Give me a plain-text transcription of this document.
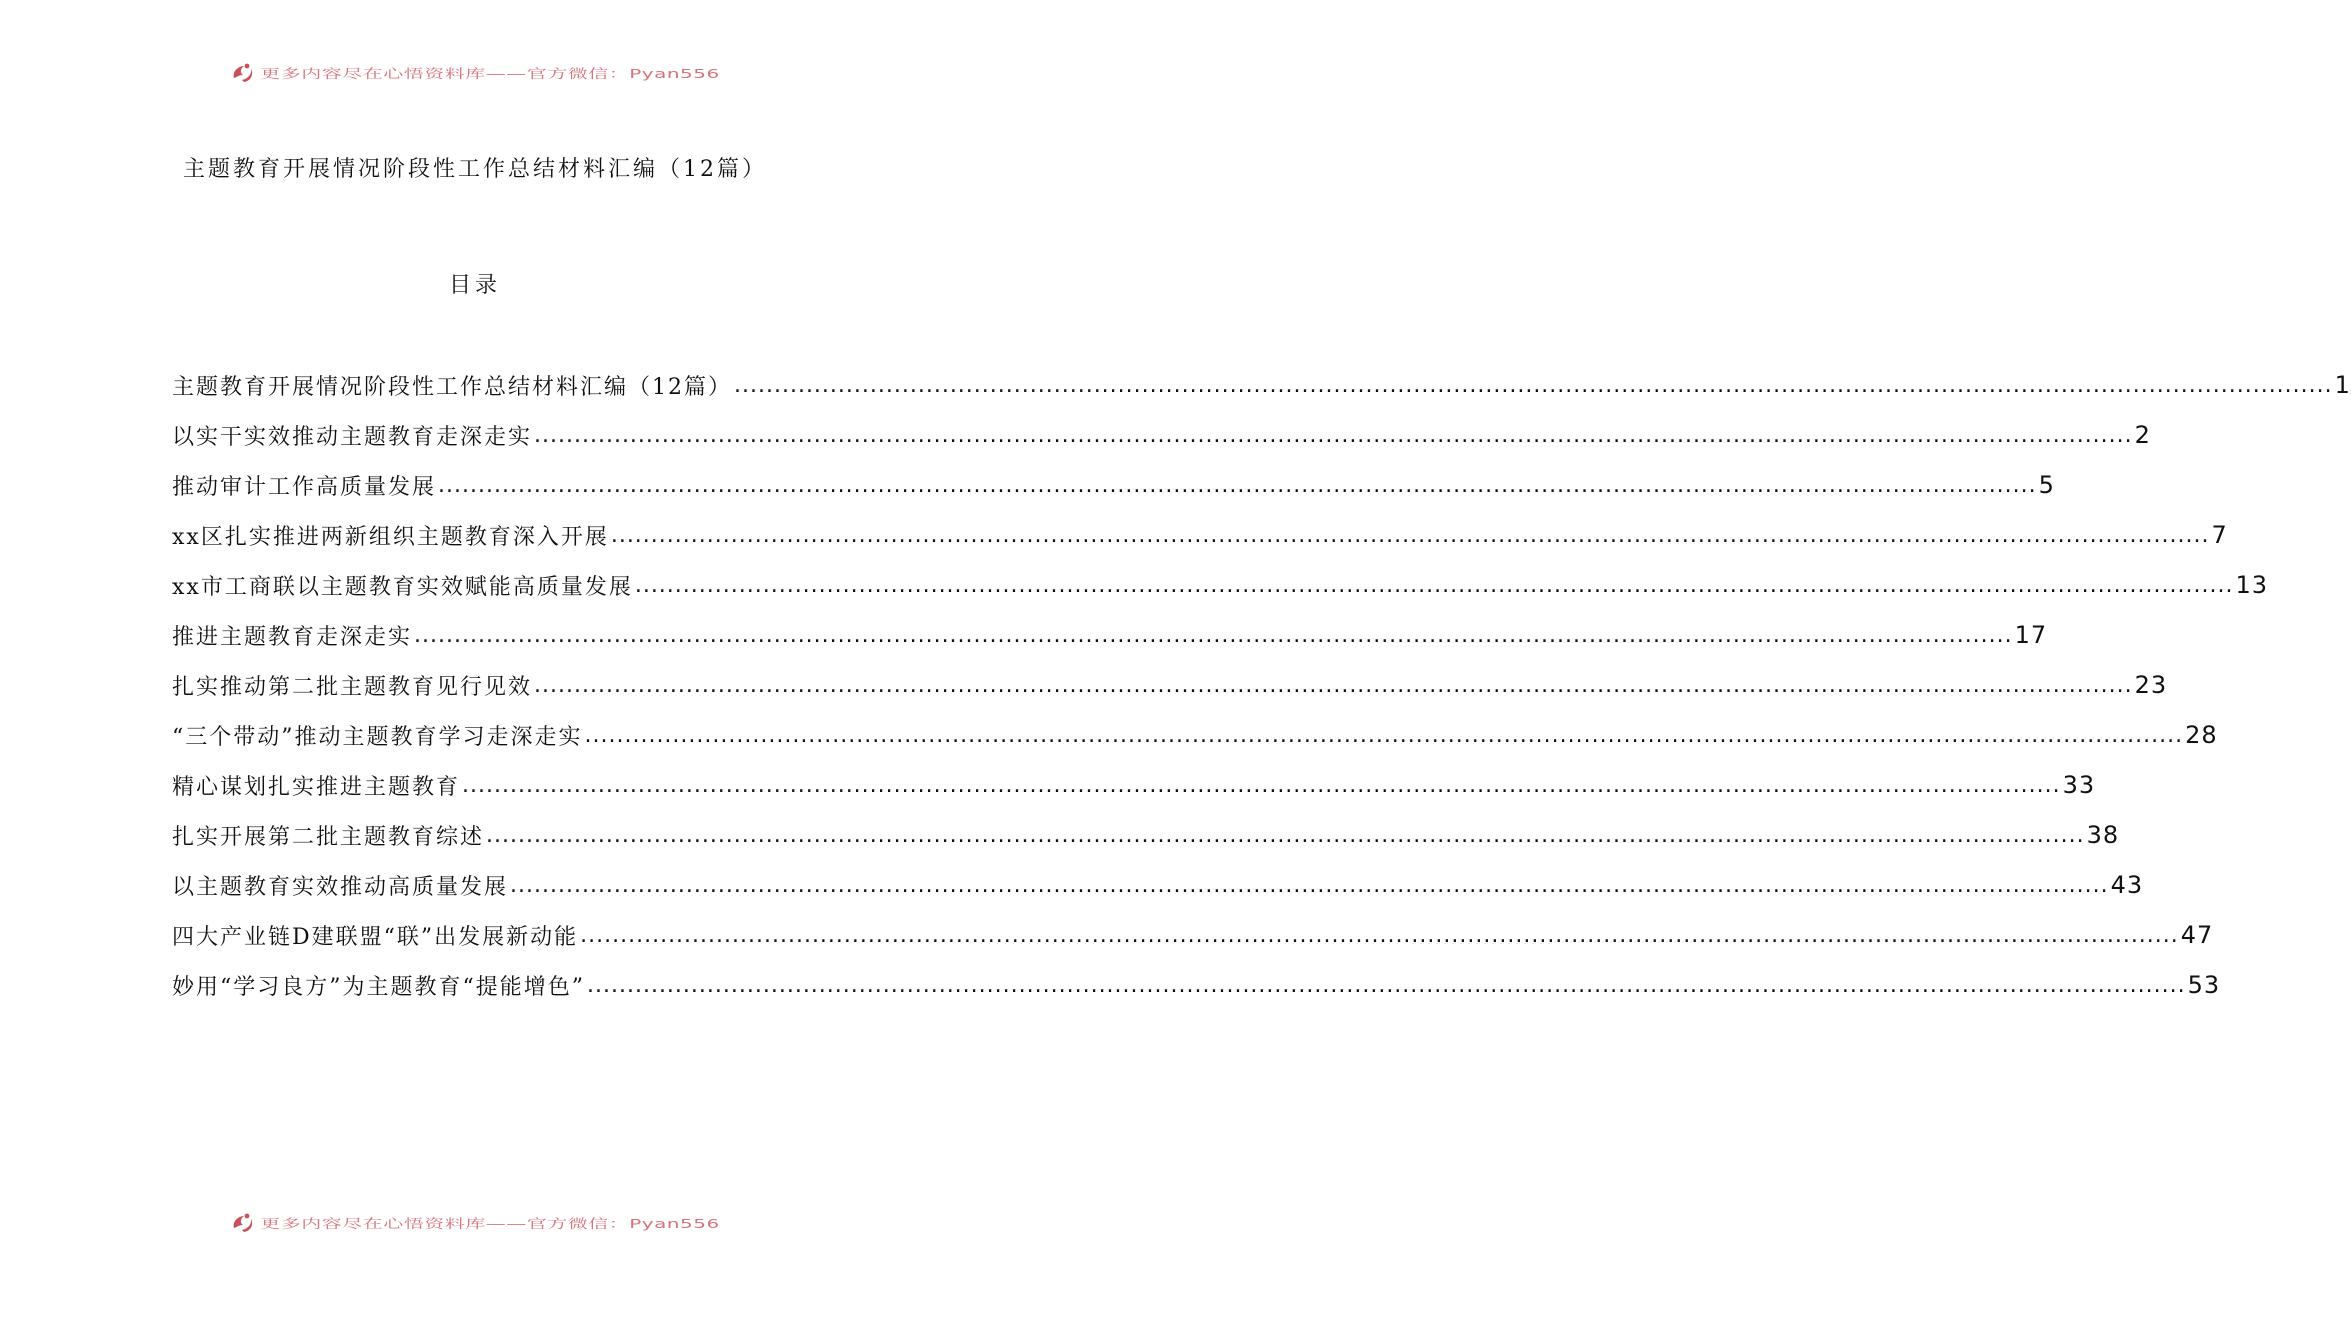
更多内容尽在心悟资料库——官方微信：Pyan556
主题教育开展情况阶段性工作总结材料汇编（12篇）
目录
主题教育开展情况阶段性工作总结材料汇编（12篇） ........................................................................................................................................................................................................ 1
以实干实效推动主题教育走深走实 ........................................................................................................................................................................................................ 2
推动审计工作高质量发展 ........................................................................................................................................................................................................ 5
xx区扎实推进两新组织主题教育深入开展 ........................................................................................................................................................................................................ 7
xx市工商联以主题教育实效赋能高质量发展 ........................................................................................................................................................................................................ 13
推进主题教育走深走实 ........................................................................................................................................................................................................ 17
扎实推动第二批主题教育见行见效 ........................................................................................................................................................................................................ 23
“三个带动”推动主题教育学习走深走实 ........................................................................................................................................................................................................ 28
精心谋划扎实推进主题教育 ........................................................................................................................................................................................................ 33
扎实开展第二批主题教育综述 ........................................................................................................................................................................................................ 38
以主题教育实效推动高质量发展 ........................................................................................................................................................................................................ 43
四大产业链D建联盟“联”出发展新动能 ........................................................................................................................................................................................................ 47
妙用“学习良方”为主题教育“提能增色” ........................................................................................................................................................................................................ 53
更多内容尽在心悟资料库——官方微信：Pyan556
